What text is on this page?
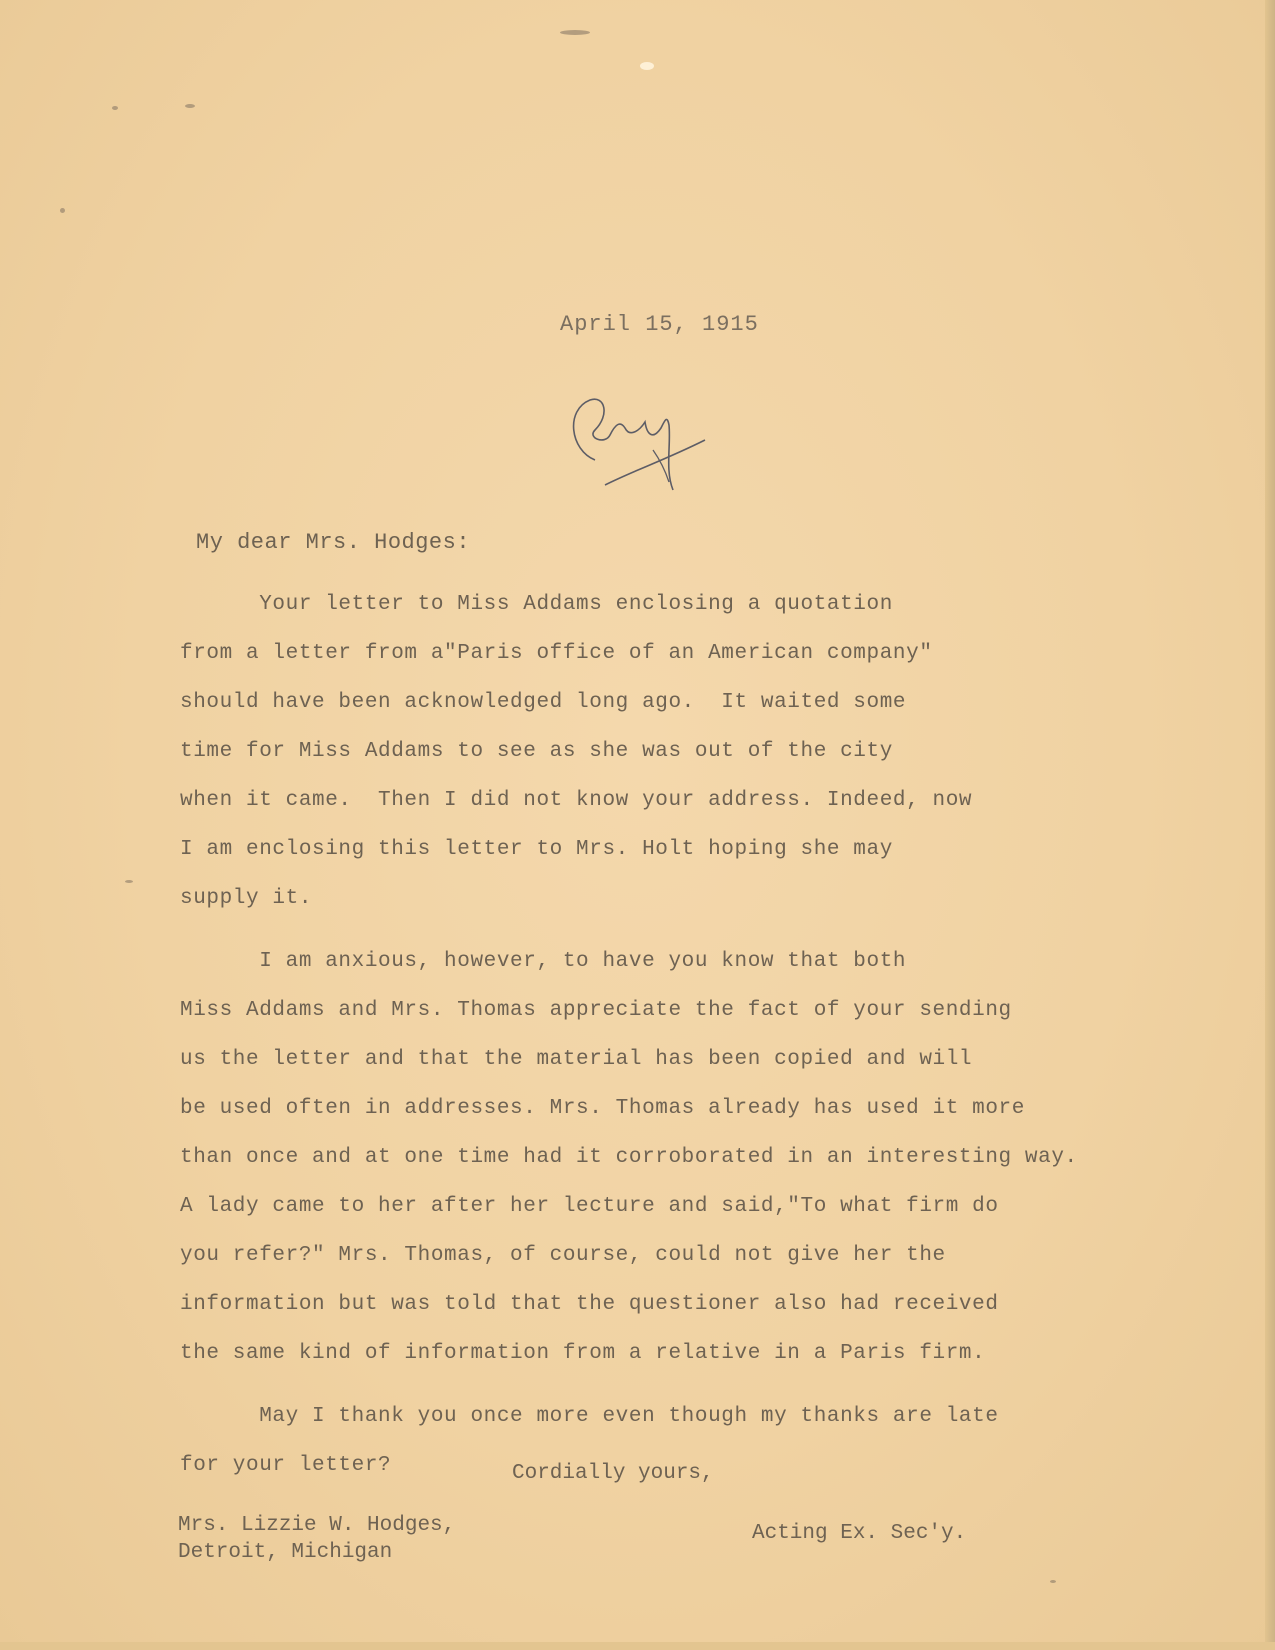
April 15, 1915
My dear Mrs. Hodges:
Your letter to Miss Addams enclosing a quotation
from a letter from a"Paris office of an American company"
should have been acknowledged long ago.  It waited some
time for Miss Addams to see as she was out of the city
when it came.  Then I did not know your address. Indeed, now
I am enclosing this letter to Mrs. Holt hoping she may
supply it.
I am anxious, however, to have you know that both
Miss Addams and Mrs. Thomas appreciate the fact of your sending
us the letter and that the material has been copied and will
be used often in addresses. Mrs. Thomas already has used it more
than once and at one time had it corroborated in an interesting way.
A lady came to her after her lecture and said,"To what firm do
you refer?" Mrs. Thomas, of course, could not give her the
information but was told that the questioner also had received
the same kind of information from a relative in a Paris firm.
May I thank you once more even though my thanks are late
for your letter?	Cordially yours,
Mrs. Lizzie W. Hodges,
Detroit, Michigan
Acting Ex. Sec'y.
